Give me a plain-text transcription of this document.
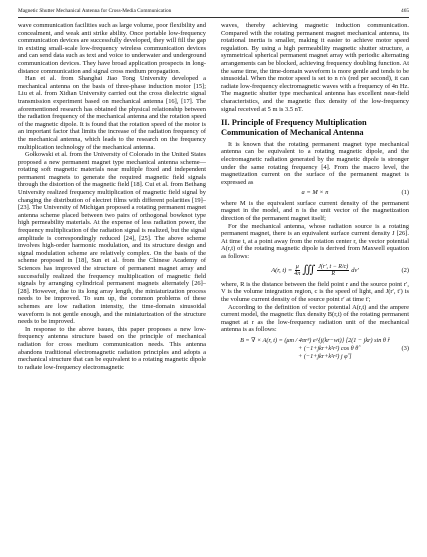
Magnetic Shutter Mechanical Antenna for Cross-Media Communication	465

wave communication facilities such as large volume, poor flexibility and concealment, and weak anti strike ability. Once portable low-frequency communication devices are successfully developed, they will fill the gap in existing small-scale low-frequency wireless communication devices and can send data such as text and voice to underwater and underground communication devices. They have broad application prospects in long-distance communication and signal cross medium propagation.

Han et al. from Shanghai Jiao Tong University developed a mechanical antenna on the basis of three-phase induction motor [15]; Liu et al. from Xidian University carried out the cross dielectric signal transmission experiment based on mechanical antenna [16], [17]. The aforementioned research has obtained the physical relationship between the radiation frequency of the mechanical antenna and the rotation speed of the magnetic dipole. It is found that the rotation speed of the motor is an important factor that limits the increase of the radiation frequency of the mechanical antenna, which leads to the research on the frequency multiplication technology of the mechanical antenna.

Gołkowski et al. from the University of Colorado in the United States proposed a new permanent magnet type mechanical antenna scheme—rotating soft magnetic materials near multiple fixed and independent permanent magnets to generate the required magnetic field signals through the distortion of the magnetic field [18]. Cui et al. from Beihang University realized frequency multiplication of magnetic field signal by changing the distribution of electret films with different polarities [19]–[23]. The University of Michigan proposed a rotating permanent magnet antenna scheme placed between two pairs of orthogonal bowknot type high permeability materials. At the expense of less radiation power, the frequency multiplication of the radiation signal is realized, but the signal amplitude is correspondingly reduced [24], [25]. The above scheme involves high-order harmonic modulation, and its structure design and signal modulation scheme are relatively complex. On the basis of the scheme proposed in [18], Sun et al. from the Chinese Academy of Sciences has improved the structure of permanent magnet array and successfully realized the frequency multiplication of magnetic field signals by arranging cylindrical permanent magnets alternately [26]–[28]. However, due to its long array length, the miniaturization process needs to be improved. To sum up, the common problems of these schemes are low radiation intensity, the time-domain sinusoidal waveform is not gentle enough, and the miniaturization of the structure needs to be improved.

In response to the above issues, this paper proposes a new low-frequency antenna structure based on the principle of mechanical radiation for cross medium communication needs. This antenna abandons traditional electromagnetic radiation principles and adopts a mechanical structure that can be equivalent to a rotating magnetic dipole to radiate low-frequency electromagnetic

waves, thereby achieving magnetic induction communication. Compared with the rotating permanent magnet mechanical antenna, its rotational inertia is smaller, making it easier to achieve motor speed regulation. By using a high permeability magnetic shutter structure, a symmetrical spherical permanent magnet array with periodic alternating arrangements can be blocked, achieving frequency doubling function. At the same time, the time-domain waveform is more gentle and tends to be sinusoidal. When the motor speed is set to n r/s (red per second), it can radiate low-frequency electromagnetic waves with a frequency of 4n Hz. The magnetic shutter type mechanical antenna has excellent near-field characteristics, and the magnetic flux density of the low-frequency signal received at 5 m is 3.5 nT.

II. Principle of Frequency Multiplication Communication of Mechanical Antenna

It is known that the rotating permanent magnet type mechanical antenna can be equivalent to a rotating magnetic dipole, and the electromagnetic radiation generated by the magnetic dipole is stronger under the same rotating frequency [4]. From the macro level, the magnetization current on the surface of the permanent magnet is expressed as

a = M × n	(1)

where M is the equivalent surface current density of the permanent magnet in the model, and n is the unit vector of the magnetization direction of the permanent magnet itself;

For the mechanical antenna, whose radiation source is a rotating permanent magnet, there is an equivalent surface current density J [26]. At time t, at a point away from the rotation center r, the vector potential A(r,t) of the rotating magnetic dipole is derived from Maxwell equation as follows:

A(r, $t) = \frac{\mu}{4\pi}$ ∭ $\frac{J(r', t - R/c)}{R} dv'$	(2)

where, R is the distance between the field point r and the source point r′, V is the volume integration region, c is the speed of light, and J(r′, t′) is the volume current density of the source point r′ at time t′;

According to the definition of vector potential A(r,t) and the ampere current model, the magnetic flux density B(r,t) of the rotating permanent magnet at r as the low-frequency radiation unit of the mechanical antenna is as follows:

B = ∇ × A(r, t) = (μm / 4πr³) e^{j(kr−wt)} [2(1 − jkr) sin θ r̂
+ (−1+jkr+k²r²) cos θ θ̂
+ (−1+jkr+k²r²) j φ̂ ]
(3)
